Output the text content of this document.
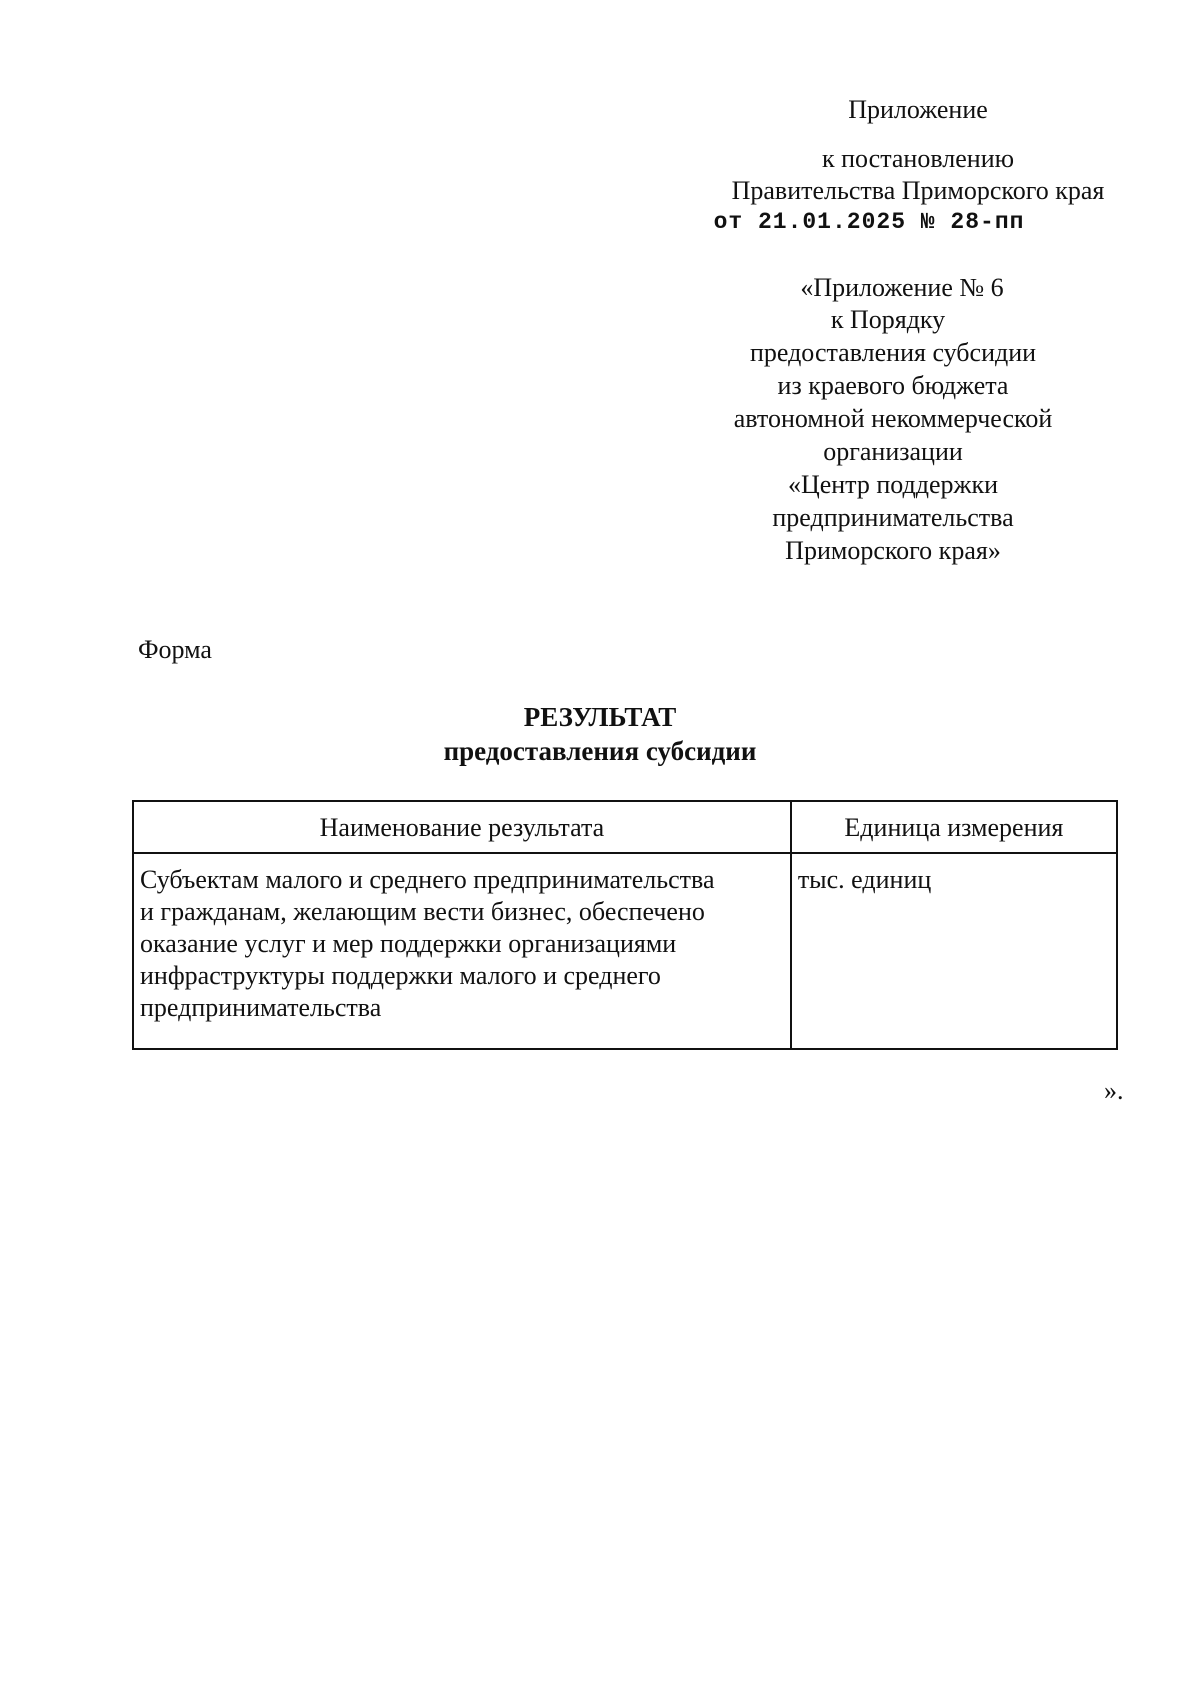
Приложение
к постановлению
Правительства Приморского края
от 21.01.2025 № 28-пп
«Приложение № 6
к Порядку
предоставления субсидии
из краевого бюджета
автономной некоммерческой
организации
«Центр поддержки
предпринимательства
Приморского края»
Форма
РЕЗУЛЬТАТ
предоставления субсидии
Наименование результата	Единица измерения

Субъектам малого и среднего предпринимательства
и гражданам, желающим вести бизнес, обеспечено
оказание услуг и мер поддержки организациями
инфраструктуры поддержки малого и среднего
предпринимательства	тыс. единиц
».
